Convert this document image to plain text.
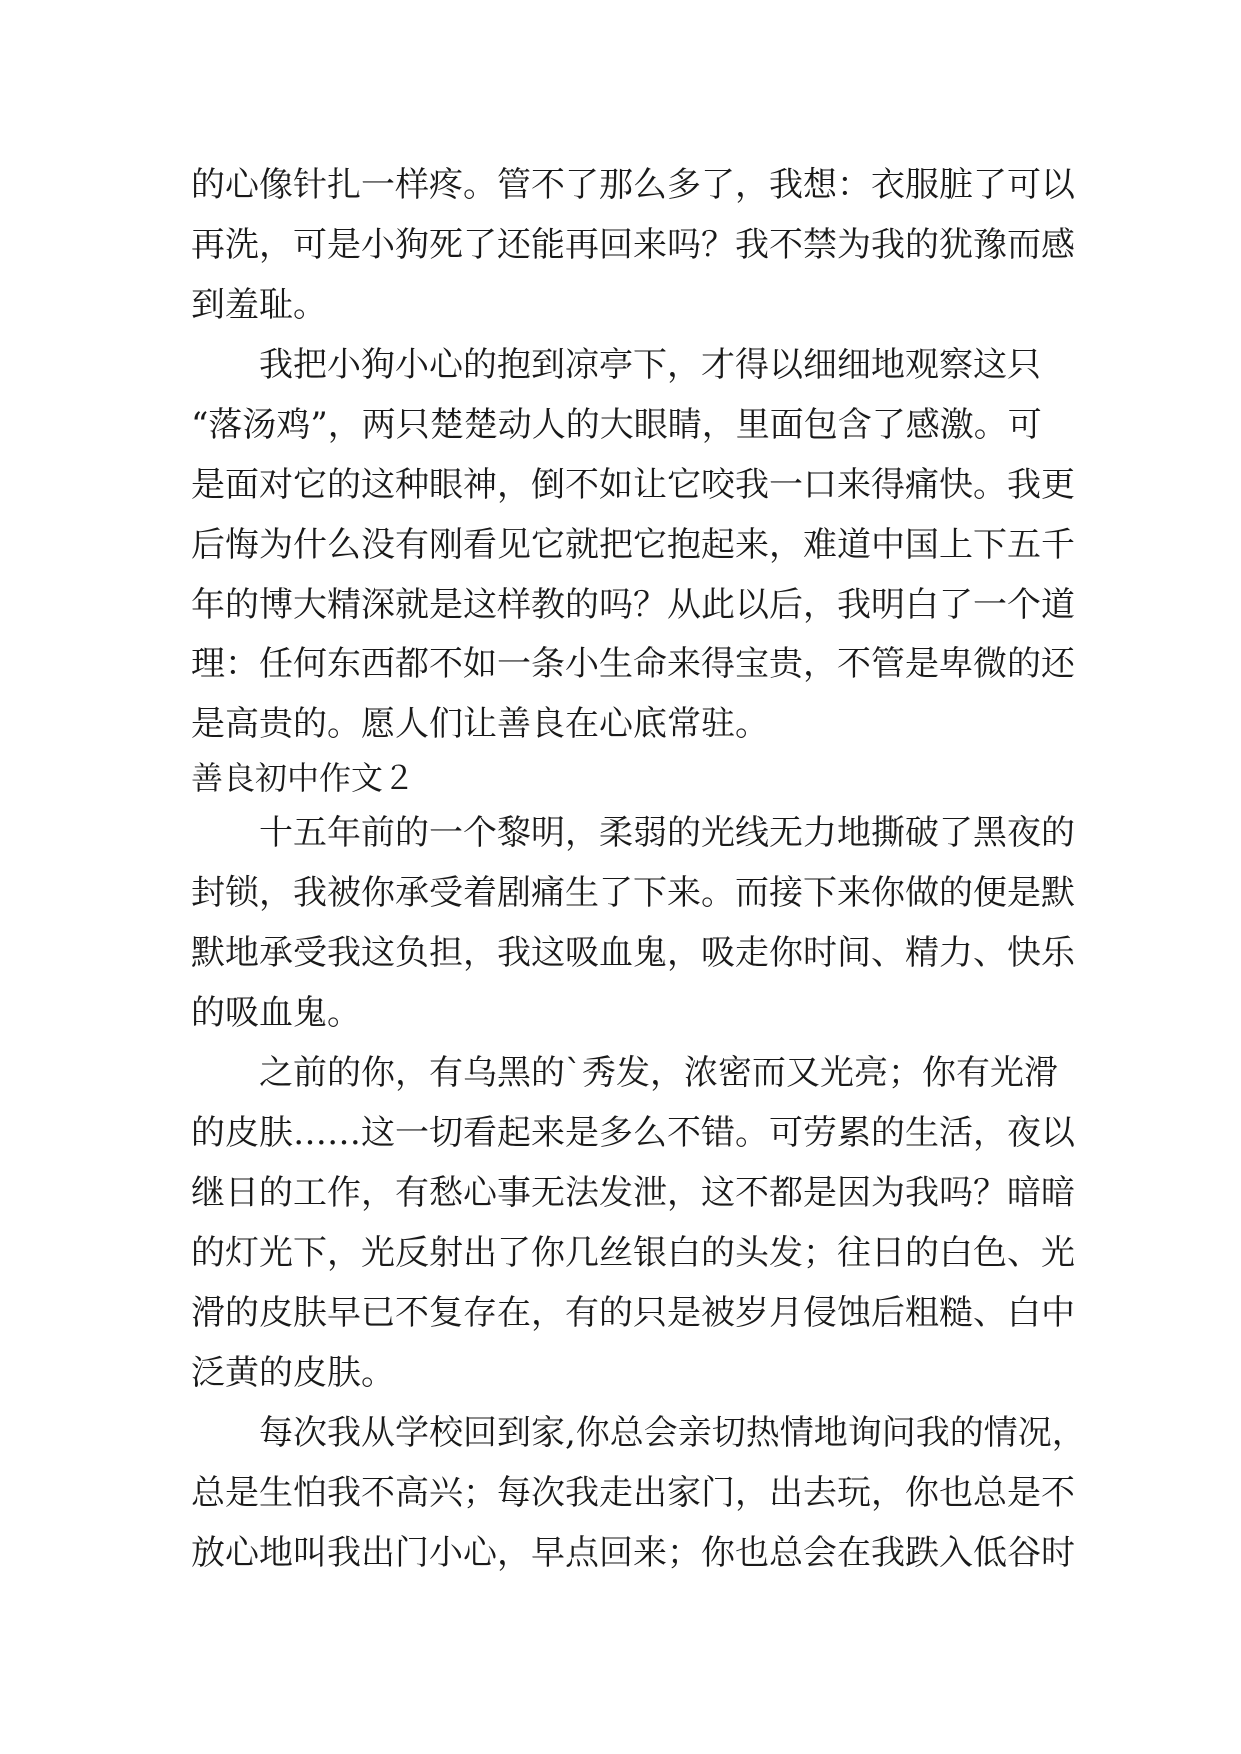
的心像针扎一样疼。管不了那么多了，我想：衣服脏了可以

再洗，可是小狗死了还能再回来吗？我不禁为我的犹豫而感

到羞耻。

我把小狗小心的抱到凉亭下，才得以细细地观察这只

“落汤鸡”，两只楚楚动人的大眼睛，里面包含了感激。可

是面对它的这种眼神，倒不如让它咬我一口来得痛快。我更

后悔为什么没有刚看见它就把它抱起来，难道中国上下五千

年的博大精深就是这样教的吗？从此以后，我明白了一个道

理：任何东西都不如一条小生命来得宝贵，不管是卑微的还

是高贵的。愿人们让善良在心底常驻。

善良初中作文２

十五年前的一个黎明，柔弱的光线无力地撕破了黑夜的

封锁，我被你承受着剧痛生了下来。而接下来你做的便是默

默地承受我这负担，我这吸血鬼，吸走你时间、精力、快乐

的吸血鬼。

之前的你，有乌黑的`秀发，浓密而又光亮；你有光滑

的皮肤……这一切看起来是多么不错。可劳累的生活，夜以

继日的工作，有愁心事无法发泄，这不都是因为我吗？暗暗

的灯光下，光反射出了你几丝银白的头发；往日的白色、光

滑的皮肤早已不复存在，有的只是被岁月侵蚀后粗糙、白中

泛黄的皮肤。

每次我从学校回到家,你总会亲切热情地询问我的情况，

总是生怕我不高兴；每次我走出家门，出去玩，你也总是不

放心地叫我出门小心，早点回来；你也总会在我跌入低谷时
